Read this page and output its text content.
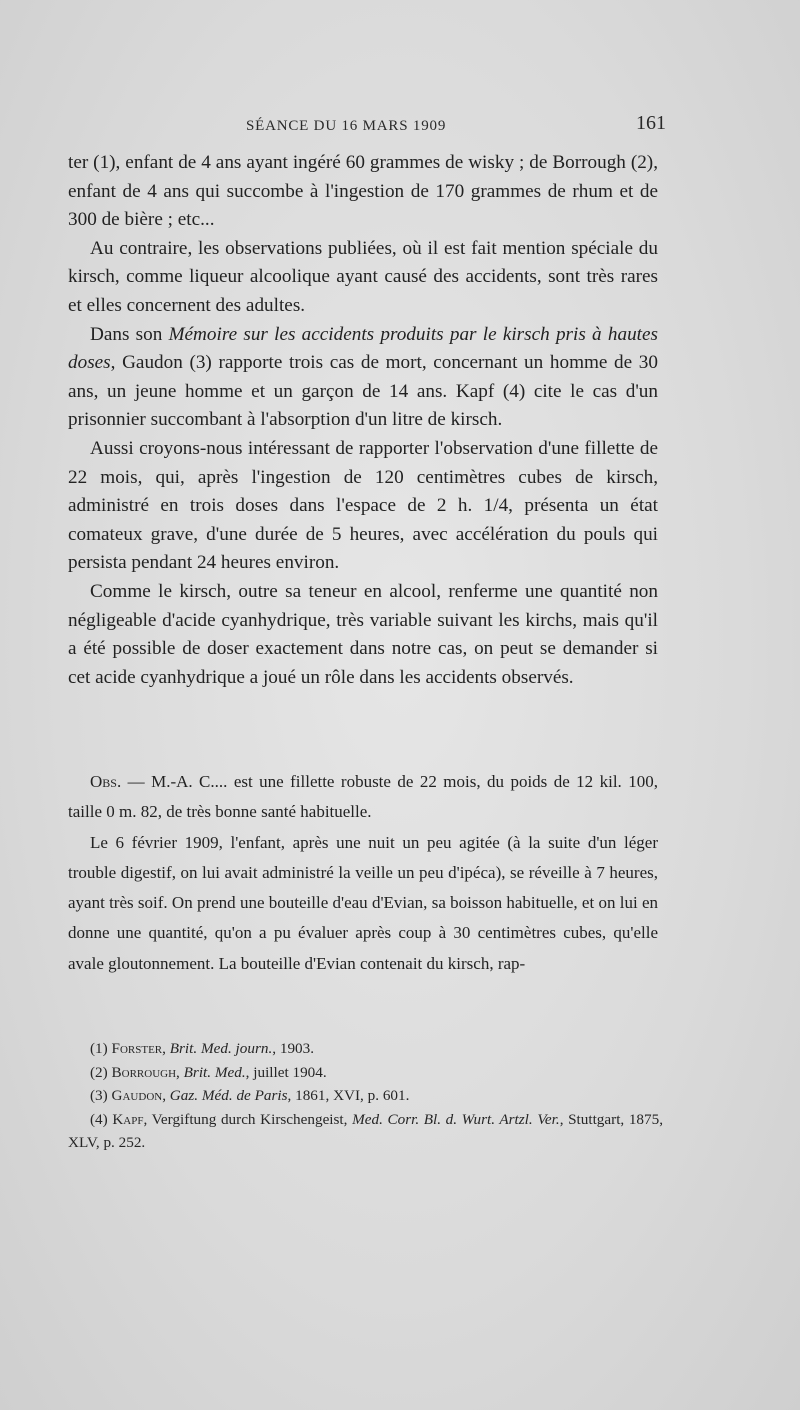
SÉANCE DU 16 MARS 1909	161

ter (1), enfant de 4 ans ayant ingéré 60 grammes de wisky ; de Borrough (2), enfant de 4 ans qui succombe à l'ingestion de 170 grammes de rhum et de 300 de bière ; etc...

Au contraire, les observations publiées, où il est fait mention spéciale du kirsch, comme liqueur alcoolique ayant causé des accidents, sont très rares et elles concernent des adultes.

Dans son Mémoire sur les accidents produits par le kirsch pris à hautes doses, Gaudon (3) rapporte trois cas de mort, concernant un homme de 30 ans, un jeune homme et un garçon de 14 ans. Kapf (4) cite le cas d'un prisonnier succombant à l'absorption d'un litre de kirsch.

Aussi croyons-nous intéressant de rapporter l'observation d'une fillette de 22 mois, qui, après l'ingestion de 120 centimètres cubes de kirsch, administré en trois doses dans l'espace de 2 h. 1/4, présenta un état comateux grave, d'une durée de 5 heures, avec accélération du pouls qui persista pendant 24 heures environ.

Comme le kirsch, outre sa teneur en alcool, renferme une quantité non négligeable d'acide cyanhydrique, très variable suivant les kirchs, mais qu'il a été possible de doser exactement dans notre cas, on peut se demander si cet acide cyanhydrique a joué un rôle dans les accidents observés.

Obs. — M.-A. C.... est une fillette robuste de 22 mois, du poids de 12 kil. 100, taille 0 m. 82, de très bonne santé habituelle.

Le 6 février 1909, l'enfant, après une nuit un peu agitée (à la suite d'un léger trouble digestif, on lui avait administré la veille un peu d'ipéca), se réveille à 7 heures, ayant très soif. On prend une bouteille d'eau d'Evian, sa boisson habituelle, et on lui en donne une quantité, qu'on a pu évaluer après coup à 30 centimètres cubes, qu'elle avale gloutonnement. La bouteille d'Evian contenait du kirsch, rap-

(1) Forster, Brit. Med. journ., 1903.

(2) Borrough, Brit. Med., juillet 1904.

(3) Gaudon, Gaz. Méd. de Paris, 1861, XVI, p. 601.

(4) Kapf, Vergiftung durch Kirschengeist, Med. Corr. Bl. d. Wurt. Artzl. Ver., Stuttgart, 1875, XLV, p. 252.
